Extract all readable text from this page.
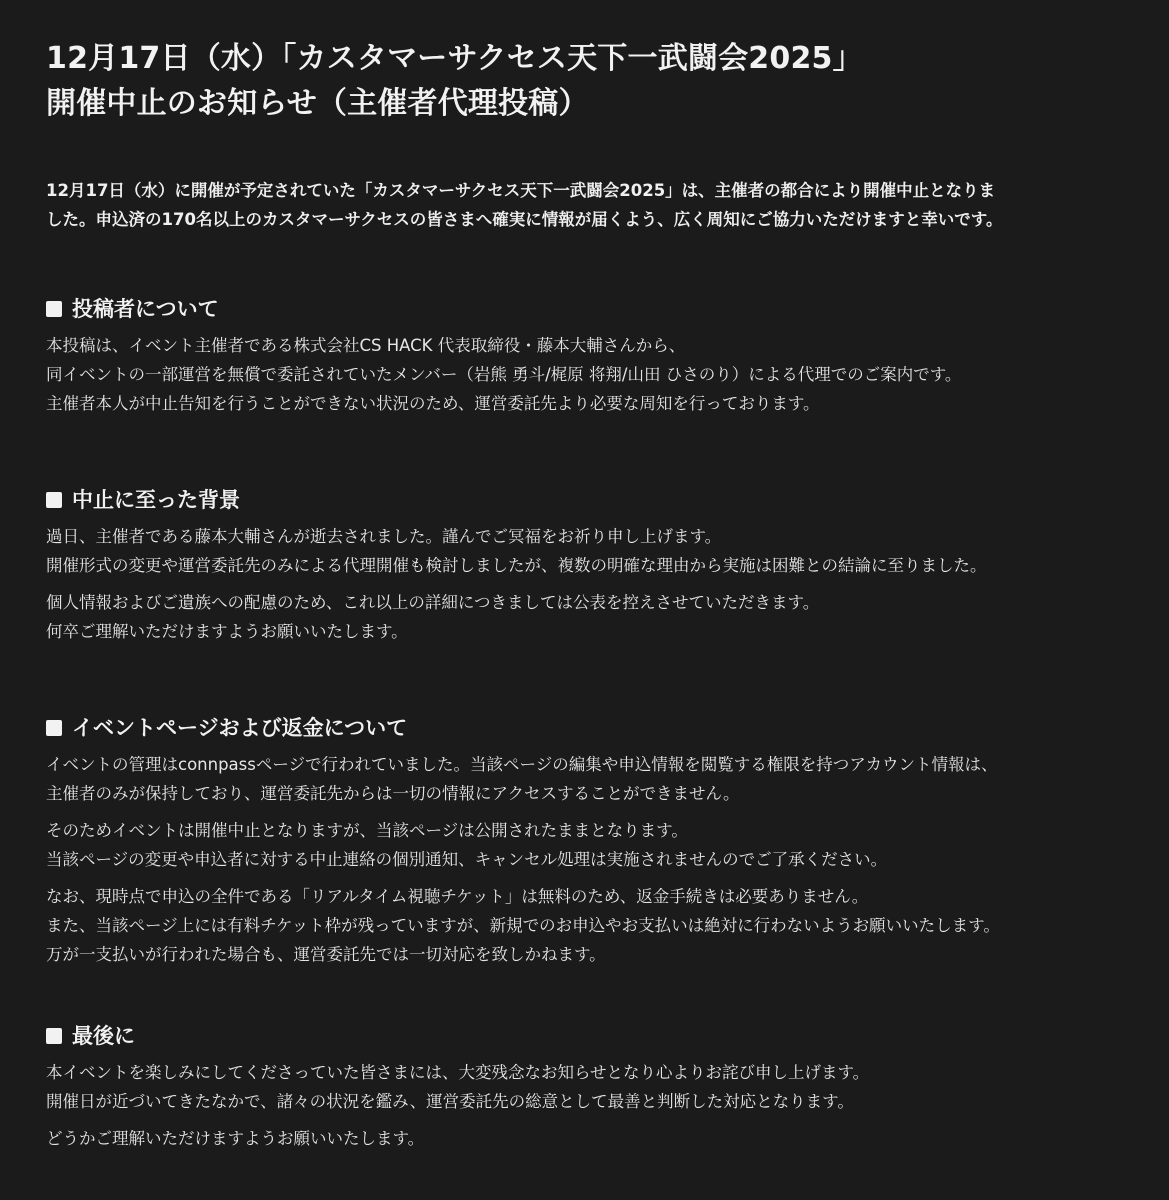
12月17日（水）「カスタマーサクセス天下一武闘会2025」
開催中止のお知らせ（主催者代理投稿）

12月17日（水）に開催が予定されていた「カスタマーサクセス天下一武闘会2025」は、主催者の都合により開催中止となりま
した。申込済の170名以上のカスタマーサクセスの皆さまへ確実に情報が届くよう、広く周知にご協力いただけますと幸いです。

投稿者について

本投稿は、イベント主催者である株式会社CS HACK 代表取締役・藤本大輔さんから、
同イベントの一部運営を無償で委託されていたメンバー（岩熊 勇斗/梶原 将翔/山田 ひさのり）による代理でのご案内です。
主催者本人が中止告知を行うことができない状況のため、運営委託先より必要な周知を行っております。

中止に至った背景

過日、主催者である藤本大輔さんが逝去されました。謹んでご冥福をお祈り申し上げます。
開催形式の変更や運営委託先のみによる代理開催も検討しましたが、複数の明確な理由から実施は困難との結論に至りました。

個人情報およびご遺族への配慮のため、これ以上の詳細につきましては公表を控えさせていただきます。
何卒ご理解いただけますようお願いいたします。

イベントページおよび返金について

イベントの管理はconnpassページで行われていました。当該ページの編集や申込情報を閲覧する権限を持つアカウント情報は、
主催者のみが保持しており、運営委託先からは一切の情報にアクセスすることができません。

そのためイベントは開催中止となりますが、当該ページは公開されたままとなります。
当該ページの変更や申込者に対する中止連絡の個別通知、キャンセル処理は実施されませんのでご了承ください。

なお、現時点で申込の全件である「リアルタイム視聴チケット」は無料のため、返金手続きは必要ありません。
また、当該ページ上には有料チケット枠が残っていますが、新規でのお申込やお支払いは絶対に行わないようお願いいたします。
万が一支払いが行われた場合も、運営委託先では一切対応を致しかねます。

最後に

本イベントを楽しみにしてくださっていた皆さまには、大変残念なお知らせとなり心よりお詫び申し上げます。
開催日が近づいてきたなかで、諸々の状況を鑑み、運営委託先の総意として最善と判断した対応となります。

どうかご理解いただけますようお願いいたします。
